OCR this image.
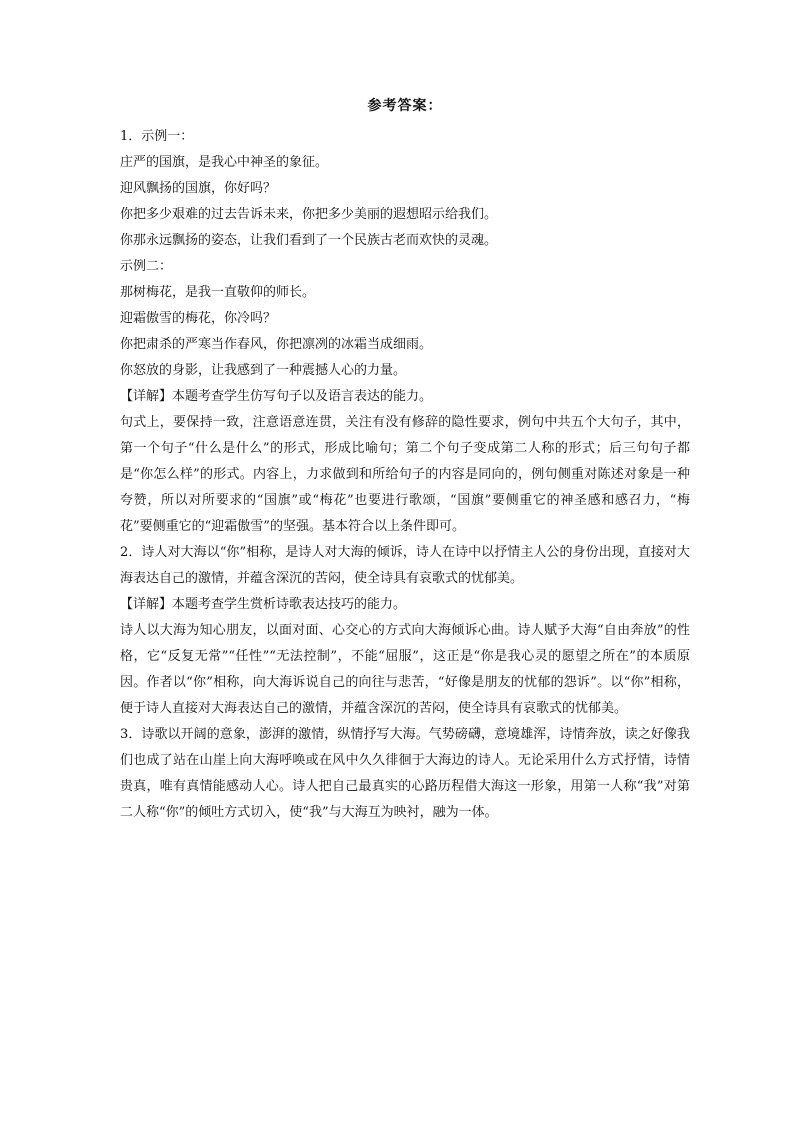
参考答案：
1．示例一：
庄严的国旗，是我心中神圣的象征。
迎风飘扬的国旗，你好吗？
你把多少艰难的过去告诉未来，你把多少美丽的遐想昭示给我们。
你那永远飘扬的姿态，让我们看到了一个民族古老而欢快的灵魂。
示例二：
那树梅花，是我一直敬仰的师长。
迎霜傲雪的梅花，你冷吗？
你把肃杀的严寒当作春风，你把凛冽的冰霜当成细雨。
你怒放的身影，让我感到了一种震撼人心的力量。
【详解】本题考查学生仿写句子以及语言表达的能力。
句式上，要保持一致，注意语意连贯，关注有没有修辞的隐性要求，例句中共五个大句子，其中，第一个句子“什么是什么”的形式，形成比喻句；第二个句子变成第二人称的形式；后三句句子都是“你怎么样”的形式。内容上，力求做到和所给句子的内容是同向的，例句侧重对陈述对象是一种夸赞，所以对所要求的“国旗”或“梅花”也要进行歌颂，“国旗”要侧重它的神圣感和感召力，“梅花”要侧重它的“迎霜傲雪”的坚强。基本符合以上条件即可。
2．诗人对大海以“你”相称，是诗人对大海的倾诉，诗人在诗中以抒情主人公的身份出现，直接对大海表达自己的激情，并蕴含深沉的苦闷，使全诗具有哀歌式的忧郁美。
【详解】本题考查学生赏析诗歌表达技巧的能力。
诗人以大海为知心朋友，以面对面、心交心的方式向大海倾诉心曲。诗人赋予大海“自由奔放”的性格，它“反复无常”“任性”“无法控制”，不能“屈服”，这正是“你是我心灵的愿望之所在”的本质原因。作者以“你”相称，向大海诉说自己的向往与悲苦，“好像是朋友的忧郁的怨诉”。以“你”相称，便于诗人直接对大海表达自己的激情，并蕴含深沉的苦闷，使全诗具有哀歌式的忧郁美。
3．诗歌以开阔的意象，澎湃的激情，纵情抒写大海。气势磅礴，意境雄浑，诗情奔放，读之好像我们也成了站在山崖上向大海呼唤或在风中久久徘徊于大海边的诗人。无论采用什么方式抒情，诗情贵真，唯有真情能感动人心。诗人把自己最真实的心路历程借大海这一形象，用第一人称“我”对第二人称“你”的倾吐方式切入，使“我”与大海互为映衬，融为一体。
